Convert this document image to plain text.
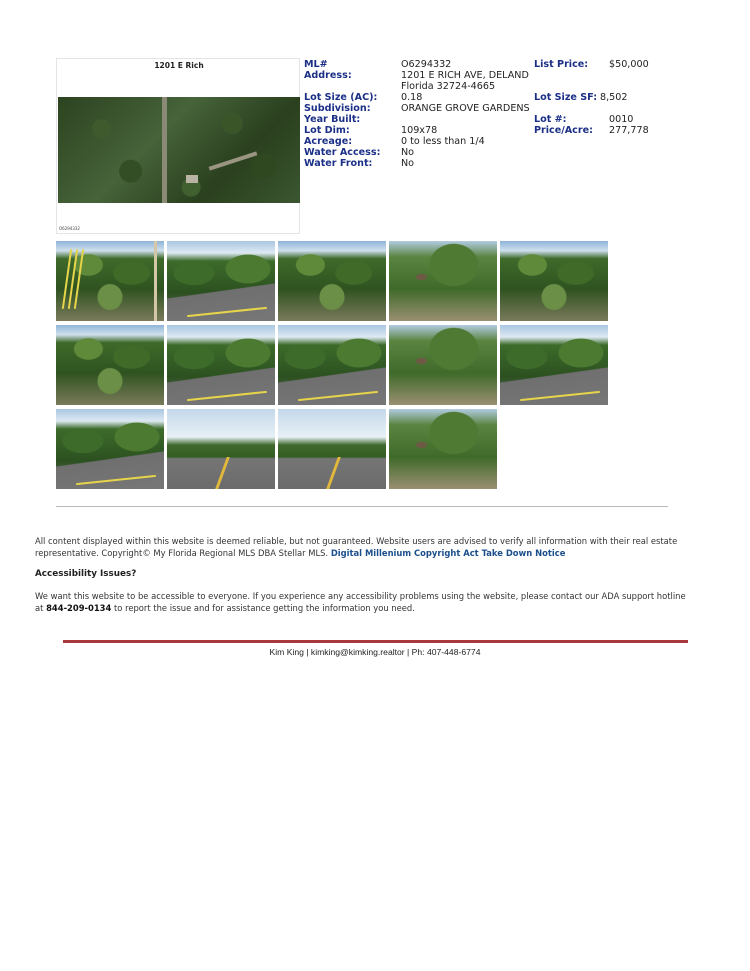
1201 E Rich
O6294332
ML#
Address:
Lot Size (AC):
Subdivision:
Year Built:
Lot Dim:
Acreage:
Water Access:
Water Front:
O6294332
1201 E RICH AVE, DELAND
Florida 32724-4665
0.18
ORANGE GROVE GARDENS
109x78
0 to less than 1/4
No
No
List Price: $50,000
Lot Size SF: 8,502
Lot #:	0010
Price/Acre: 277,778
All content displayed within this website is deemed reliable, but not guaranteed. Website users are advised to verify all information with their real estate representative. Copyright© My Florida Regional MLS DBA Stellar MLS. Digital Millenium Copyright Act Take Down Notice
Accessibility Issues?
We want this website to be accessible to everyone. If you experience any accessibility problems using the website, please contact our ADA support hotline at 844-209-0134 to report the issue and for assistance getting the information you need.
Kim King | kimking@kimking.realtor | Ph: 407-448-6774
